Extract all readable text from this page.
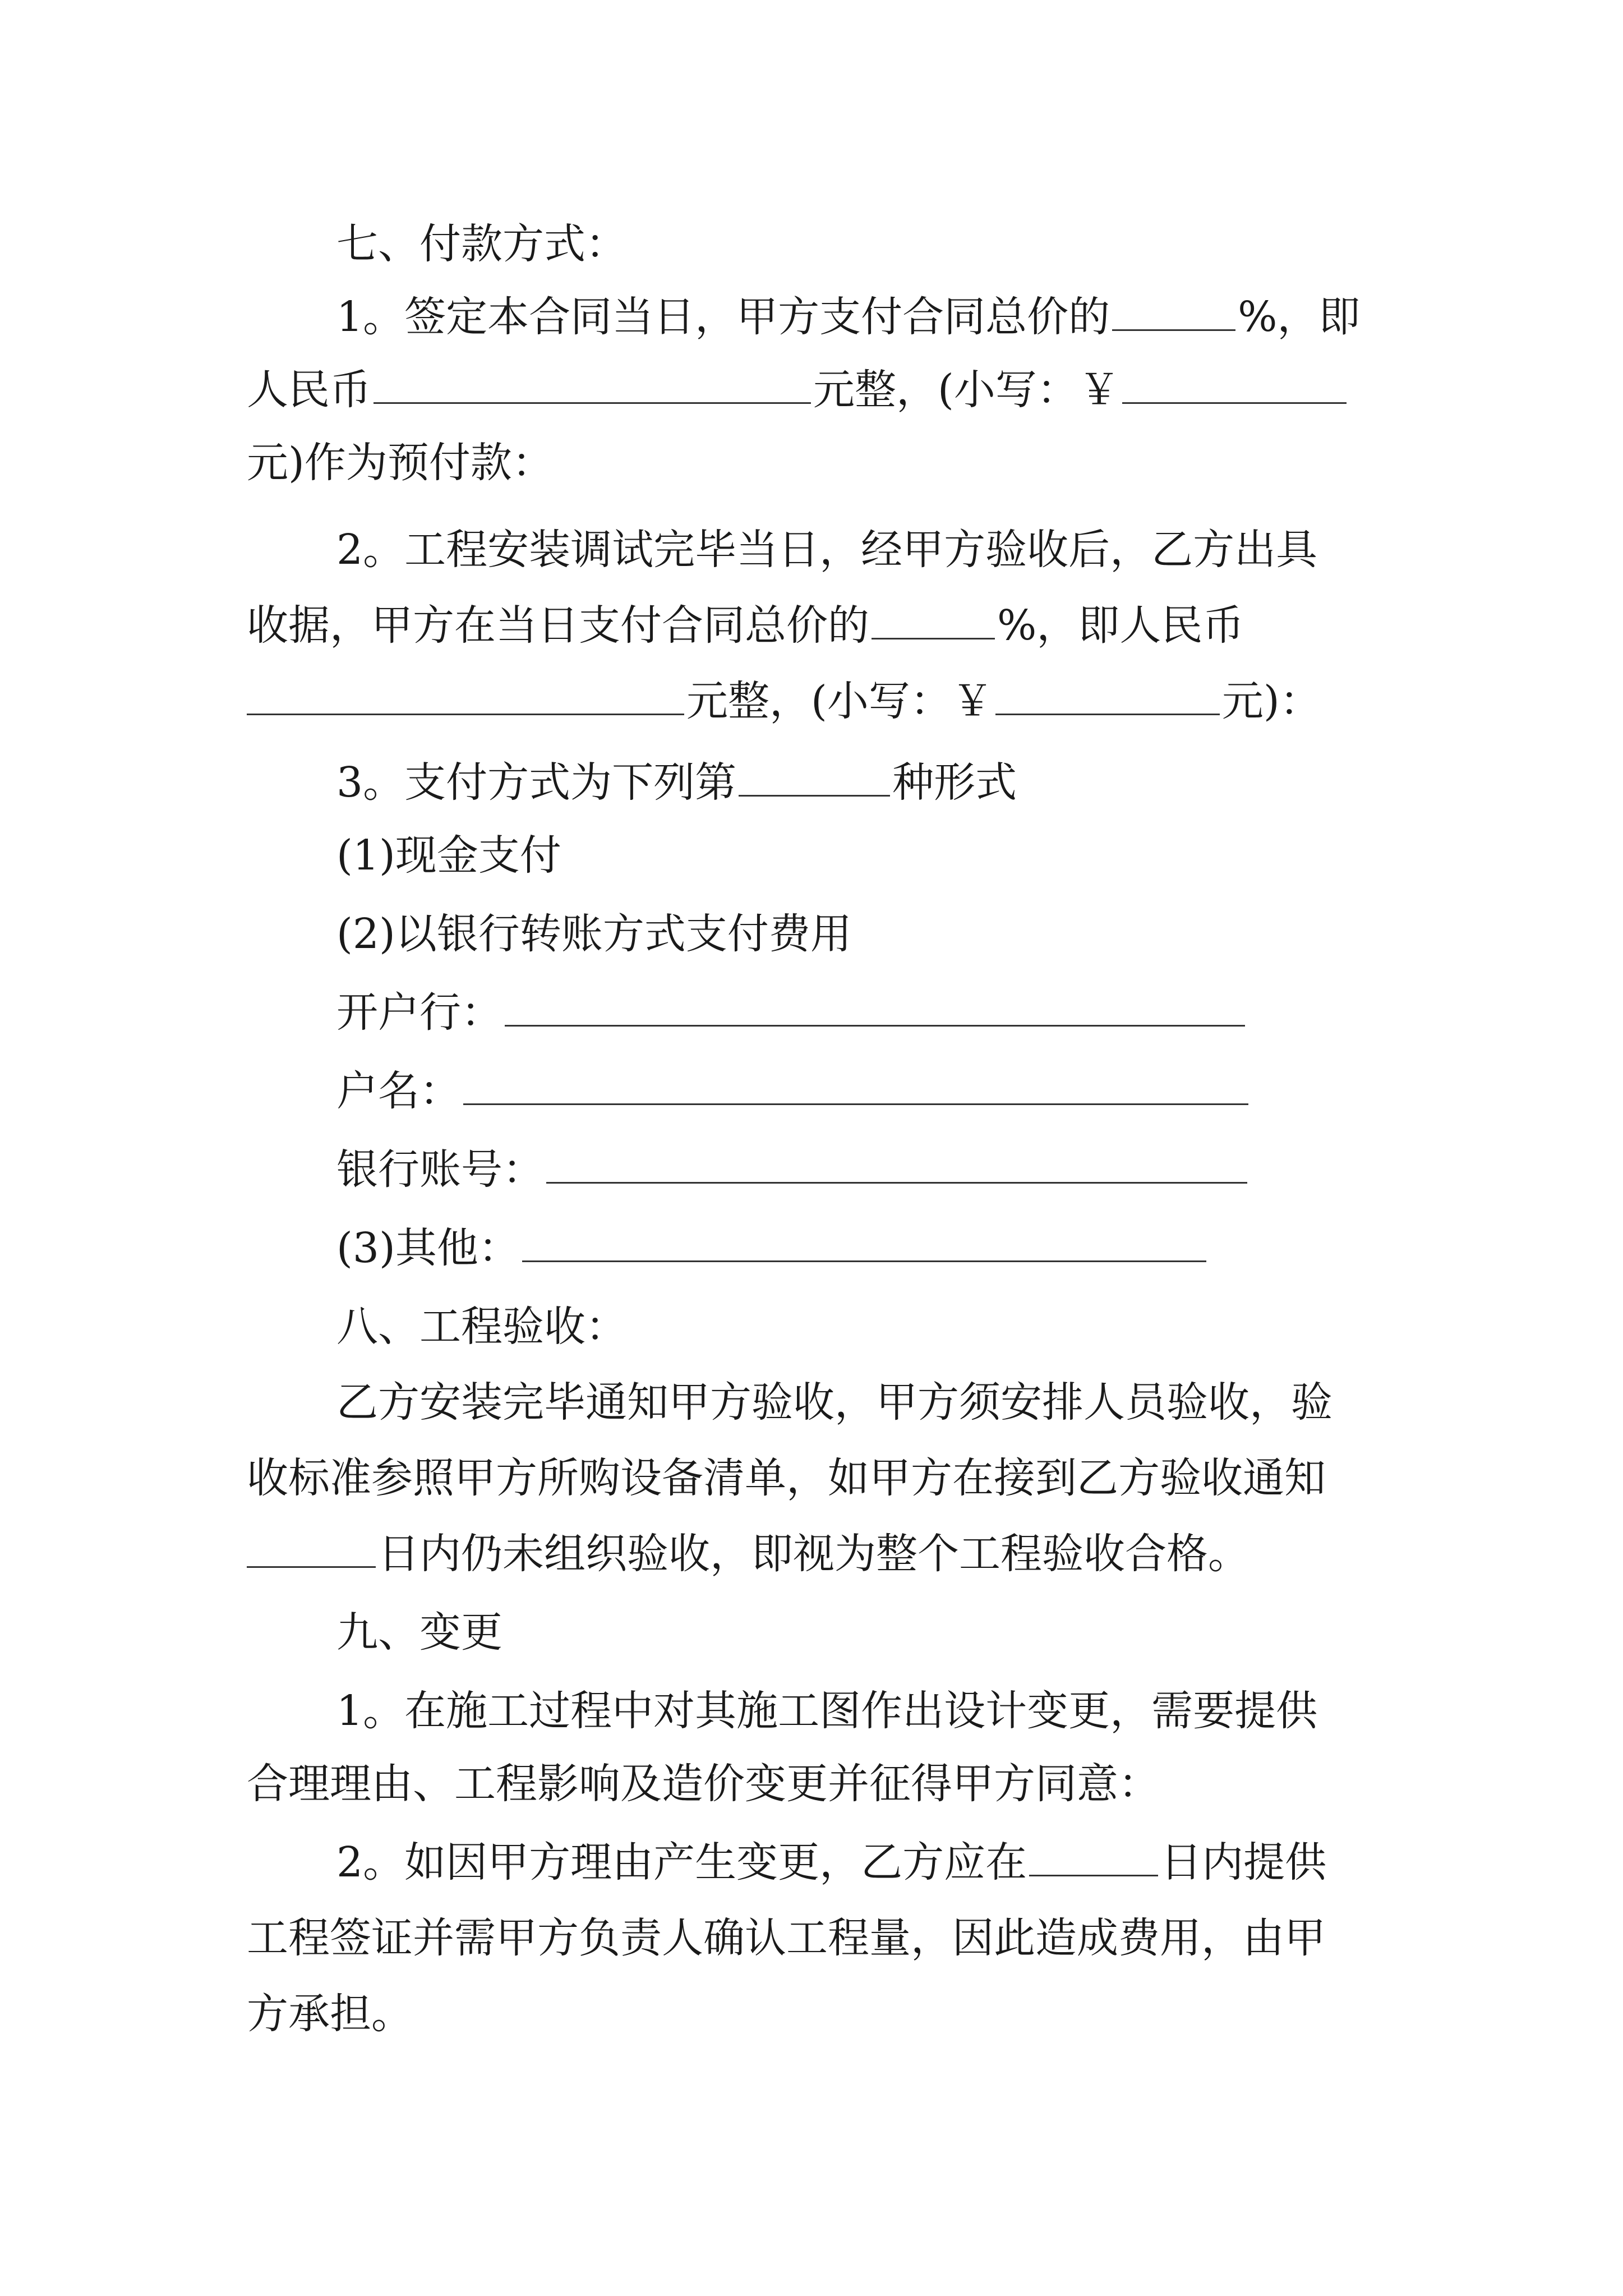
七、付款方式：
1。签定本合同当日，甲方支付合同总价的	%，即
人民币	元整，(小写：￥
元)作为预付款：
2。工程安装调试完毕当日，经甲方验收后，乙方出具
收据，甲方在当日支付合同总价的	%，即人民币
元整，(小写：￥	元)：
3。支付方式为下列第	种形式
(1)现金支付
(2)以银行转账方式支付费用
开户行：
户名：
银行账号：
(3)其他：
八、工程验收：
乙方安装完毕通知甲方验收，甲方须安排人员验收，验
收标准参照甲方所购设备清单，如甲方在接到乙方验收通知
日内仍未组织验收，即视为整个工程验收合格。
九、变更
1。在施工过程中对其施工图作出设计变更，需要提供
合理理由、工程影响及造价变更并征得甲方同意：
2。如因甲方理由产生变更，乙方应在	日内提供
工程签证并需甲方负责人确认工程量，因此造成费用，由甲
方承担。
